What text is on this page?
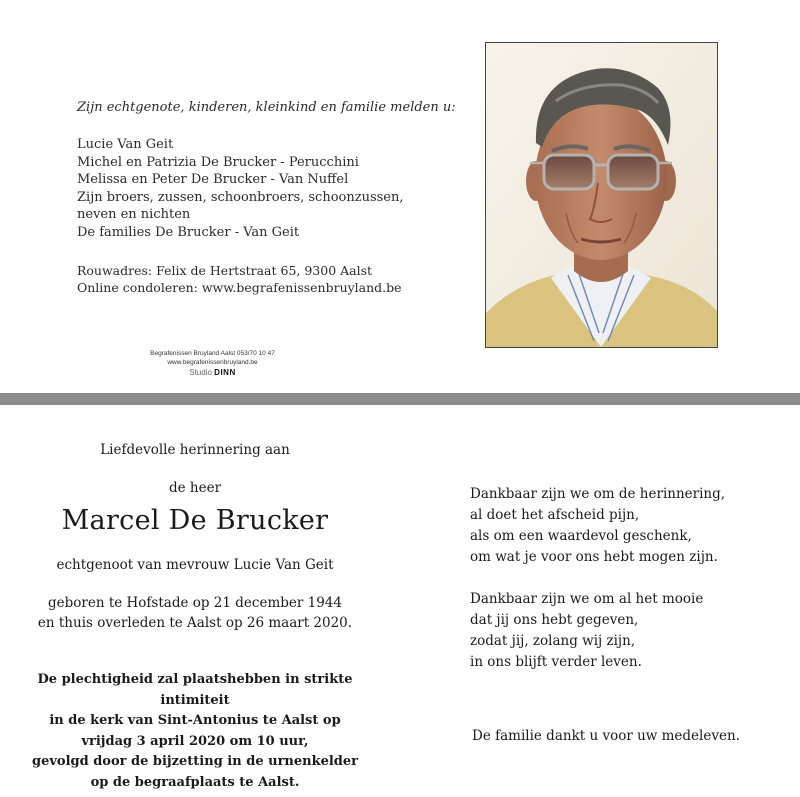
Zijn echtgenote, kinderen, kleinkind en familie melden u:
Lucie Van Geit
Michel en Patrizia De Brucker - Perucchini
Melissa en Peter De Brucker - Van Nuffel
Zijn broers, zussen, schoonbroers, schoonzussen,
neven en nichten
De families De Brucker - Van Geit
Rouwadres: Felix de Hertstraat 65, 9300 Aalst
Online condoleren: www.begrafenissenbruyland.be
Begrafenissen Bruyland Aalst 053/70 10 47
www.begrafenissenbruyland.be
Studio DINN
Liefdevolle herinnering aan
de heer
Marcel De Brucker
echtgenoot van mevrouw Lucie Van Geit
geboren te Hofstade op 21 december 1944
en thuis overleden te Aalst op 26 maart 2020.
De plechtigheid zal plaatshebben in strikte intimiteit
in de kerk van Sint-Antonius te Aalst op
vrijdag 3 april 2020 om 10 uur,
gevolgd door de bijzetting in de urnenkelder
op de begraafplaats te Aalst.
Dankbaar zijn we om de herinnering,
al doet het afscheid pijn,
als om een waardevol geschenk,
om wat je voor ons hebt mogen zijn.
Dankbaar zijn we om al het mooie
dat jij ons hebt gegeven,
zodat jij, zolang wij zijn,
in ons blijft verder leven.
De familie dankt u voor uw medeleven.
